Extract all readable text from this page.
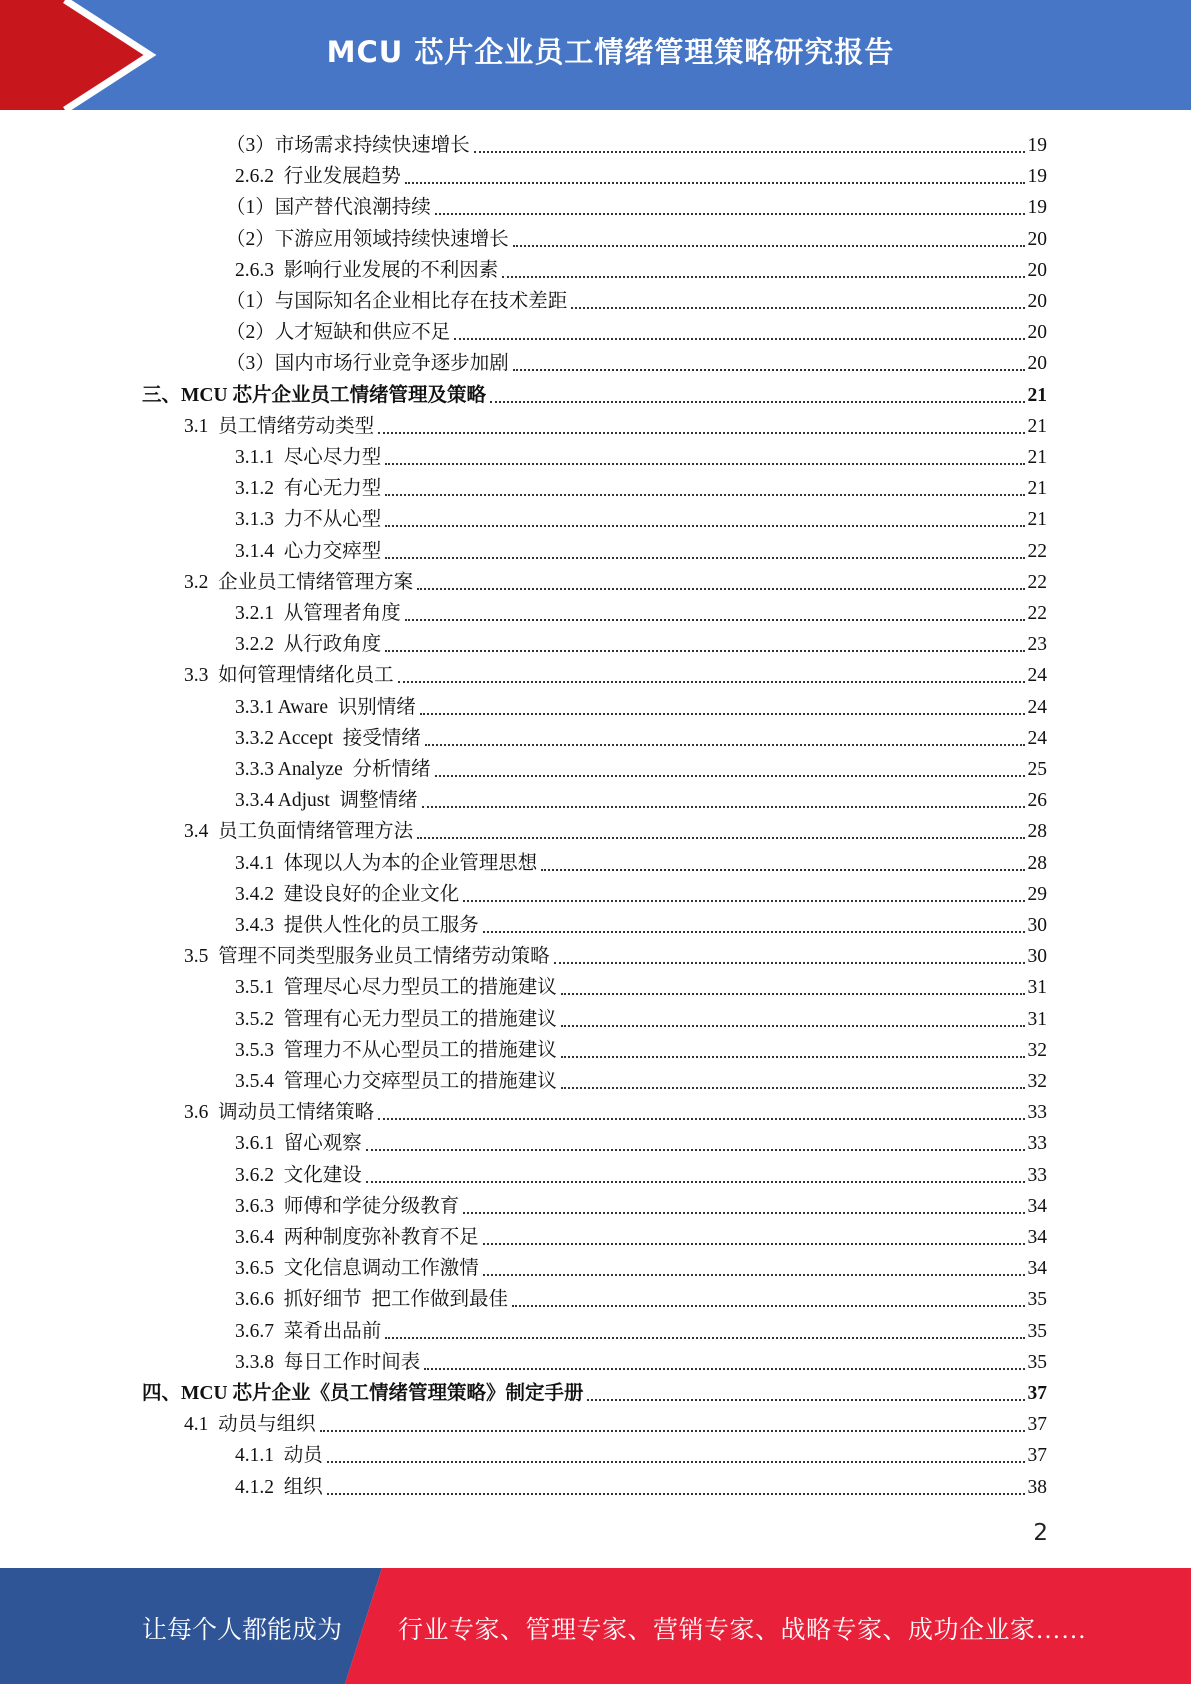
MCU 芯片企业员工情绪管理策略研究报告
（3）市场需求持续快速增长	19
2.6.2  行业发展趋势	19
（1）国产替代浪潮持续	19
（2）下游应用领域持续快速增长	20
2.6.3  影响行业发展的不利因素	20
（1）与国际知名企业相比存在技术差距	20
（2）人才短缺和供应不足	20
（3）国内市场行业竞争逐步加剧	20
三、MCU 芯片企业员工情绪管理及策略	21
3.1  员工情绪劳动类型	21
3.1.1  尽心尽力型	21
3.1.2  有心无力型	21
3.1.3  力不从心型	21
3.1.4  心力交瘁型	22
3.2  企业员工情绪管理方案	22
3.2.1  从管理者角度	22
3.2.2  从行政角度	23
3.3  如何管理情绪化员工	24
3.3.1 Aware  识别情绪	24
3.3.2 Accept  接受情绪	24
3.3.3 Analyze  分析情绪	25
3.3.4 Adjust  调整情绪	26
3.4  员工负面情绪管理方法	28
3.4.1  体现以人为本的企业管理思想	28
3.4.2  建设良好的企业文化	29
3.4.3  提供人性化的员工服务	30
3.5  管理不同类型服务业员工情绪劳动策略	30
3.5.1  管理尽心尽力型员工的措施建议	31
3.5.2  管理有心无力型员工的措施建议	31
3.5.3  管理力不从心型员工的措施建议	32
3.5.4  管理心力交瘁型员工的措施建议	32
3.6  调动员工情绪策略	33
3.6.1  留心观察	33
3.6.2  文化建设	33
3.6.3  师傅和学徒分级教育	34
3.6.4  两种制度弥补教育不足	34
3.6.5  文化信息调动工作激情	34
3.6.6  抓好细节  把工作做到最佳	35
3.6.7  菜肴出品前	35
3.3.8  每日工作时间表	35
四、MCU 芯片企业《员工情绪管理策略》制定手册	37
4.1  动员与组织	37
4.1.1  动员	37
4.1.2  组织	38
2
让每个人都能成为 行业专家、管理专家、营销专家、战略专家、成功企业家……
